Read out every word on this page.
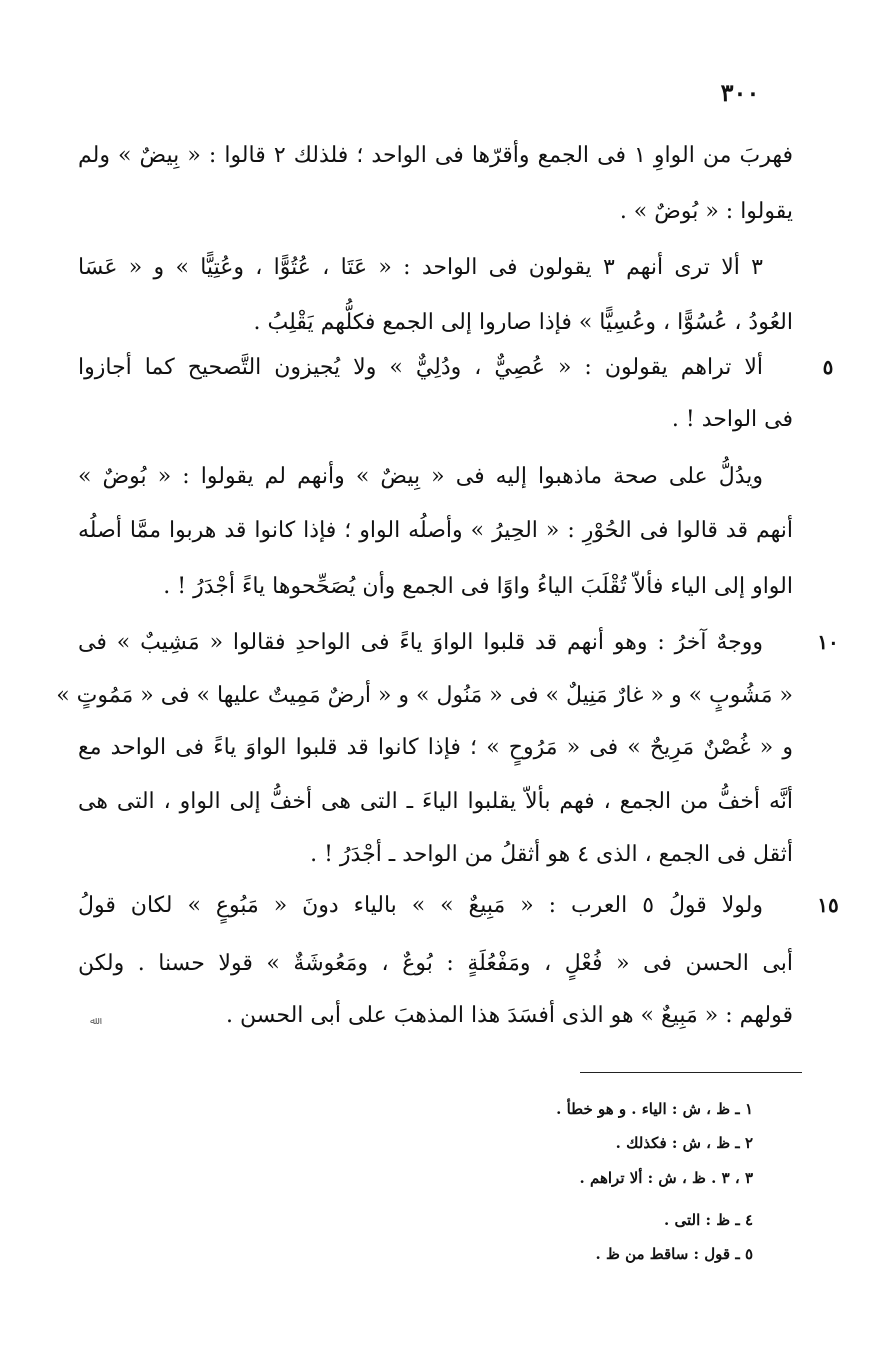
٣٠٠
فهربَ من الواوِ ١ فى الجمع وأقرّها فى الواحد ؛ فلذلك ٢ قالوا : « بِيضٌ » ولم
يقولوا : « بُوضٌ » .
٣ ألا ترى أنهم ٣ يقولون فى الواحد : « عَتَا ، عُتُوًّا ، وعُتِيًّا » و « عَسَا
العُودُ ، عُسُوًّا ، وعُسِيًّا » فإذا صاروا إلى الجمع فكلُّهم يَقْلِبُ .
ألا تراهم يقولون : « عُصِيٌّ ، ودُلِيٌّ » ولا يُجيزون التَّصحيح كما أجازوا	٥
فى الواحد ! .
ويدُلُّ على صحة ماذهبوا إليه فى « بِيضٌ » وأنهم لم يقولوا : « بُوضٌ »
أنهم قد قالوا فى الحُوْرِ : « الحِيرُ » وأصلُه الواو ؛ فإذا كانوا قد هربوا ممَّا أصلُه
الواو إلى الياء فألاّ تُقْلَبَ الياءُ واوًا فى الجمع وأن يُصَحِّحوها ياءً أجْدَرُ ! .
ووجهٌ آخرُ : وهو أنهم قد قلبوا الواوَ ياءً فى الواحدِ فقالوا « مَشِيبٌ » فى	١٠
« مَشُوبٍ » و « غارٌ مَنِيلٌ » فى « مَنُول » و « أرضٌ مَمِيتٌ عليها » فى « مَمُوتٍ »
و « غُصْنٌ مَرِيحٌ » فى « مَرُوحٍ » ؛ فإذا كانوا قد قلبوا الواوَ ياءً فى الواحد مع
أنَّه أخفُّ من الجمع ، فهم بألاّ يقلبوا الياءَ ـ التى هى أخفُّ إلى الواو ، التى هى
أثقل فى الجمع ، الذى ٤ هو أثقلُ من الواحد ـ أجْدَرُ ! .
ولولا قولُ ٥ العرب : « مَبِيعٌ » » بالياء دونَ « مَبُوعٍ » لكان قولُ	١٥
أبى الحسن فى « فُعْلٍ ، ومَفْعُلَةٍ : بُوعٌ ، ومَعُوشَةٌ » قولا حسنا . ولكن
قولهم : « مَبِيعٌ » هو الذى أفسَدَ هذا المذهبَ على أبى الحسن .
ﷲ
١ ـ ظ ، ش : الياء . و هو خطأ .
٢ ـ ظ ، ش : فكذلك .
٣ ، ٣ . ظ ، ش : ألا تراهم .
٤ ـ ظ : التى .
٥ ـ قول : ساقط من ظ .
